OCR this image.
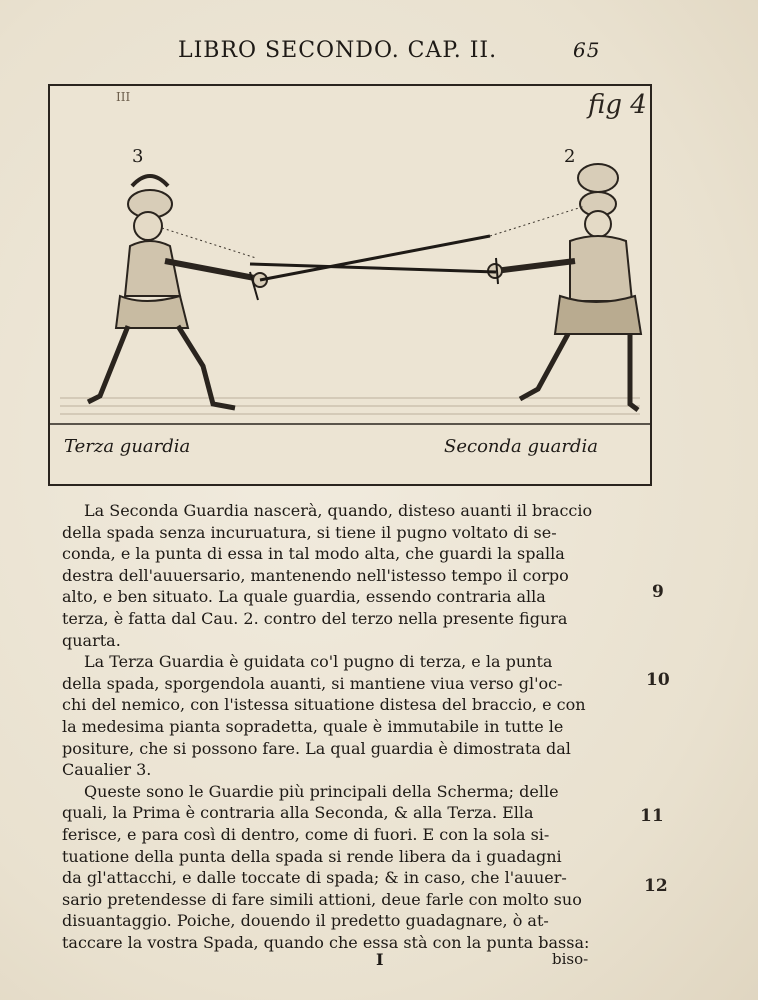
LIBRO SECONDO. CAP. II.	65
III	fig 4
3	2
Terza guardia	Seconda guardia
La Seconda Guardia nascerà, quando, disteso auanti il braccio
della spada senza incuruatura, si tiene il pugno voltato di se-
conda, e la punta di essa in tal modo alta, che guardi la spalla
destra dell'auuersario, mantenendo nell'istesso tempo il corpo
alto, e ben situato. La quale guardia, essendo contraria alla
terza, è fatta dal Cau. 2. contro del terzo nella presente figura
quarta.
La Terza Guardia è guidata co'l pugno di terza, e la punta
della spada, sporgendola auanti, si mantiene viua verso gl'oc-
chi del nemico, con l'istessa situatione distesa del braccio, e con
la medesima pianta sopradetta, quale è immutabile in tutte le
positure, che si possono fare. La qual guardia è dimostrata dal
Caualier 3.
Queste sono le Guardie più principali della Scherma; delle
quali, la Prima è contraria alla Seconda, & alla Terza. Ella
ferisce, e para così di dentro, come di fuori. E con la sola si-
tuatione della punta della spada si rende libera da i guadagni
da gl'attacchi, e dalle toccate di spada; & in caso, che l'auuer-
sario pretendesse di fare simili attioni, deue farle con molto suo
disuantaggio. Poiche, douendo il predetto guadagnare, ò at-
taccare la vostra Spada, quando che essa stà con la punta bassa:
9
10
11
12
I	biso-
